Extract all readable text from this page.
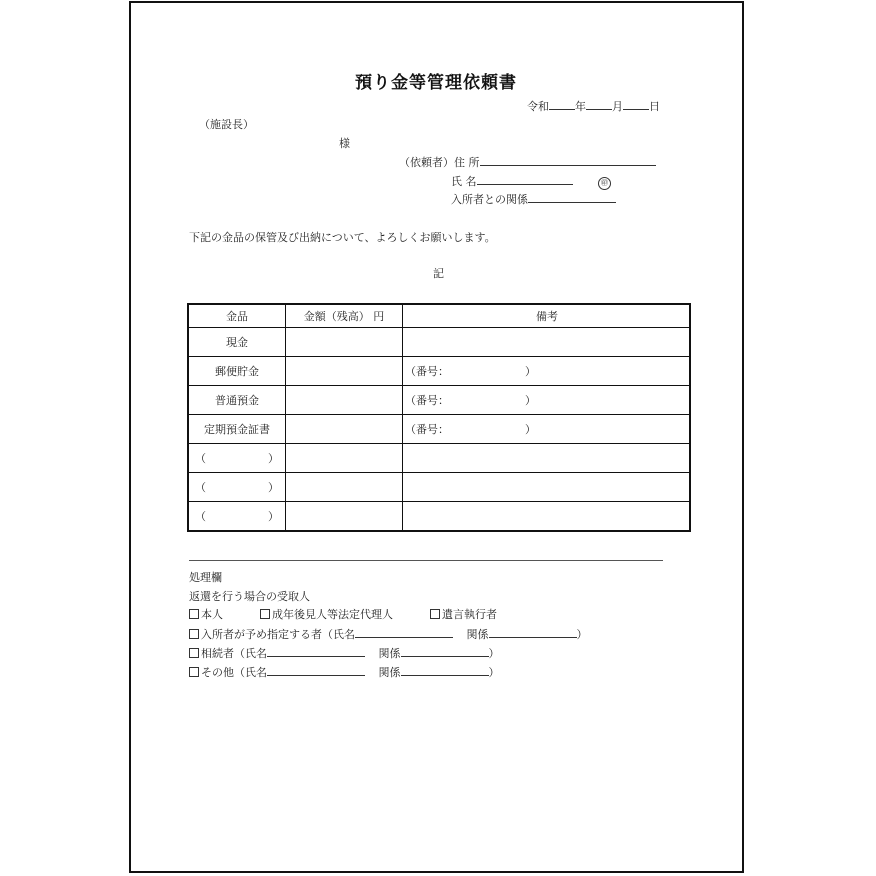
預り金等管理依頼書
令和 年 月 日
（施設長）
様
（依頼者）住 所
氏 名	㊞
入所者との関係
下記の金品の保管及び出納について、よろしくお願いします。
記
金品	金額（残高） 円	備考
現金		
郵便貯金		（番号： ）
普通預金		（番号： ）
定期預金証書		（番号： ）

（ ）		

（ ）		

（ ）		

処理欄
返還を行う場合の受取人
本人	成年後見人等法定代理人	遺言執行者
入所者が予め指定する者（氏名	関係	）
相続者（氏名	関係	）
その他（氏名	関係	）
